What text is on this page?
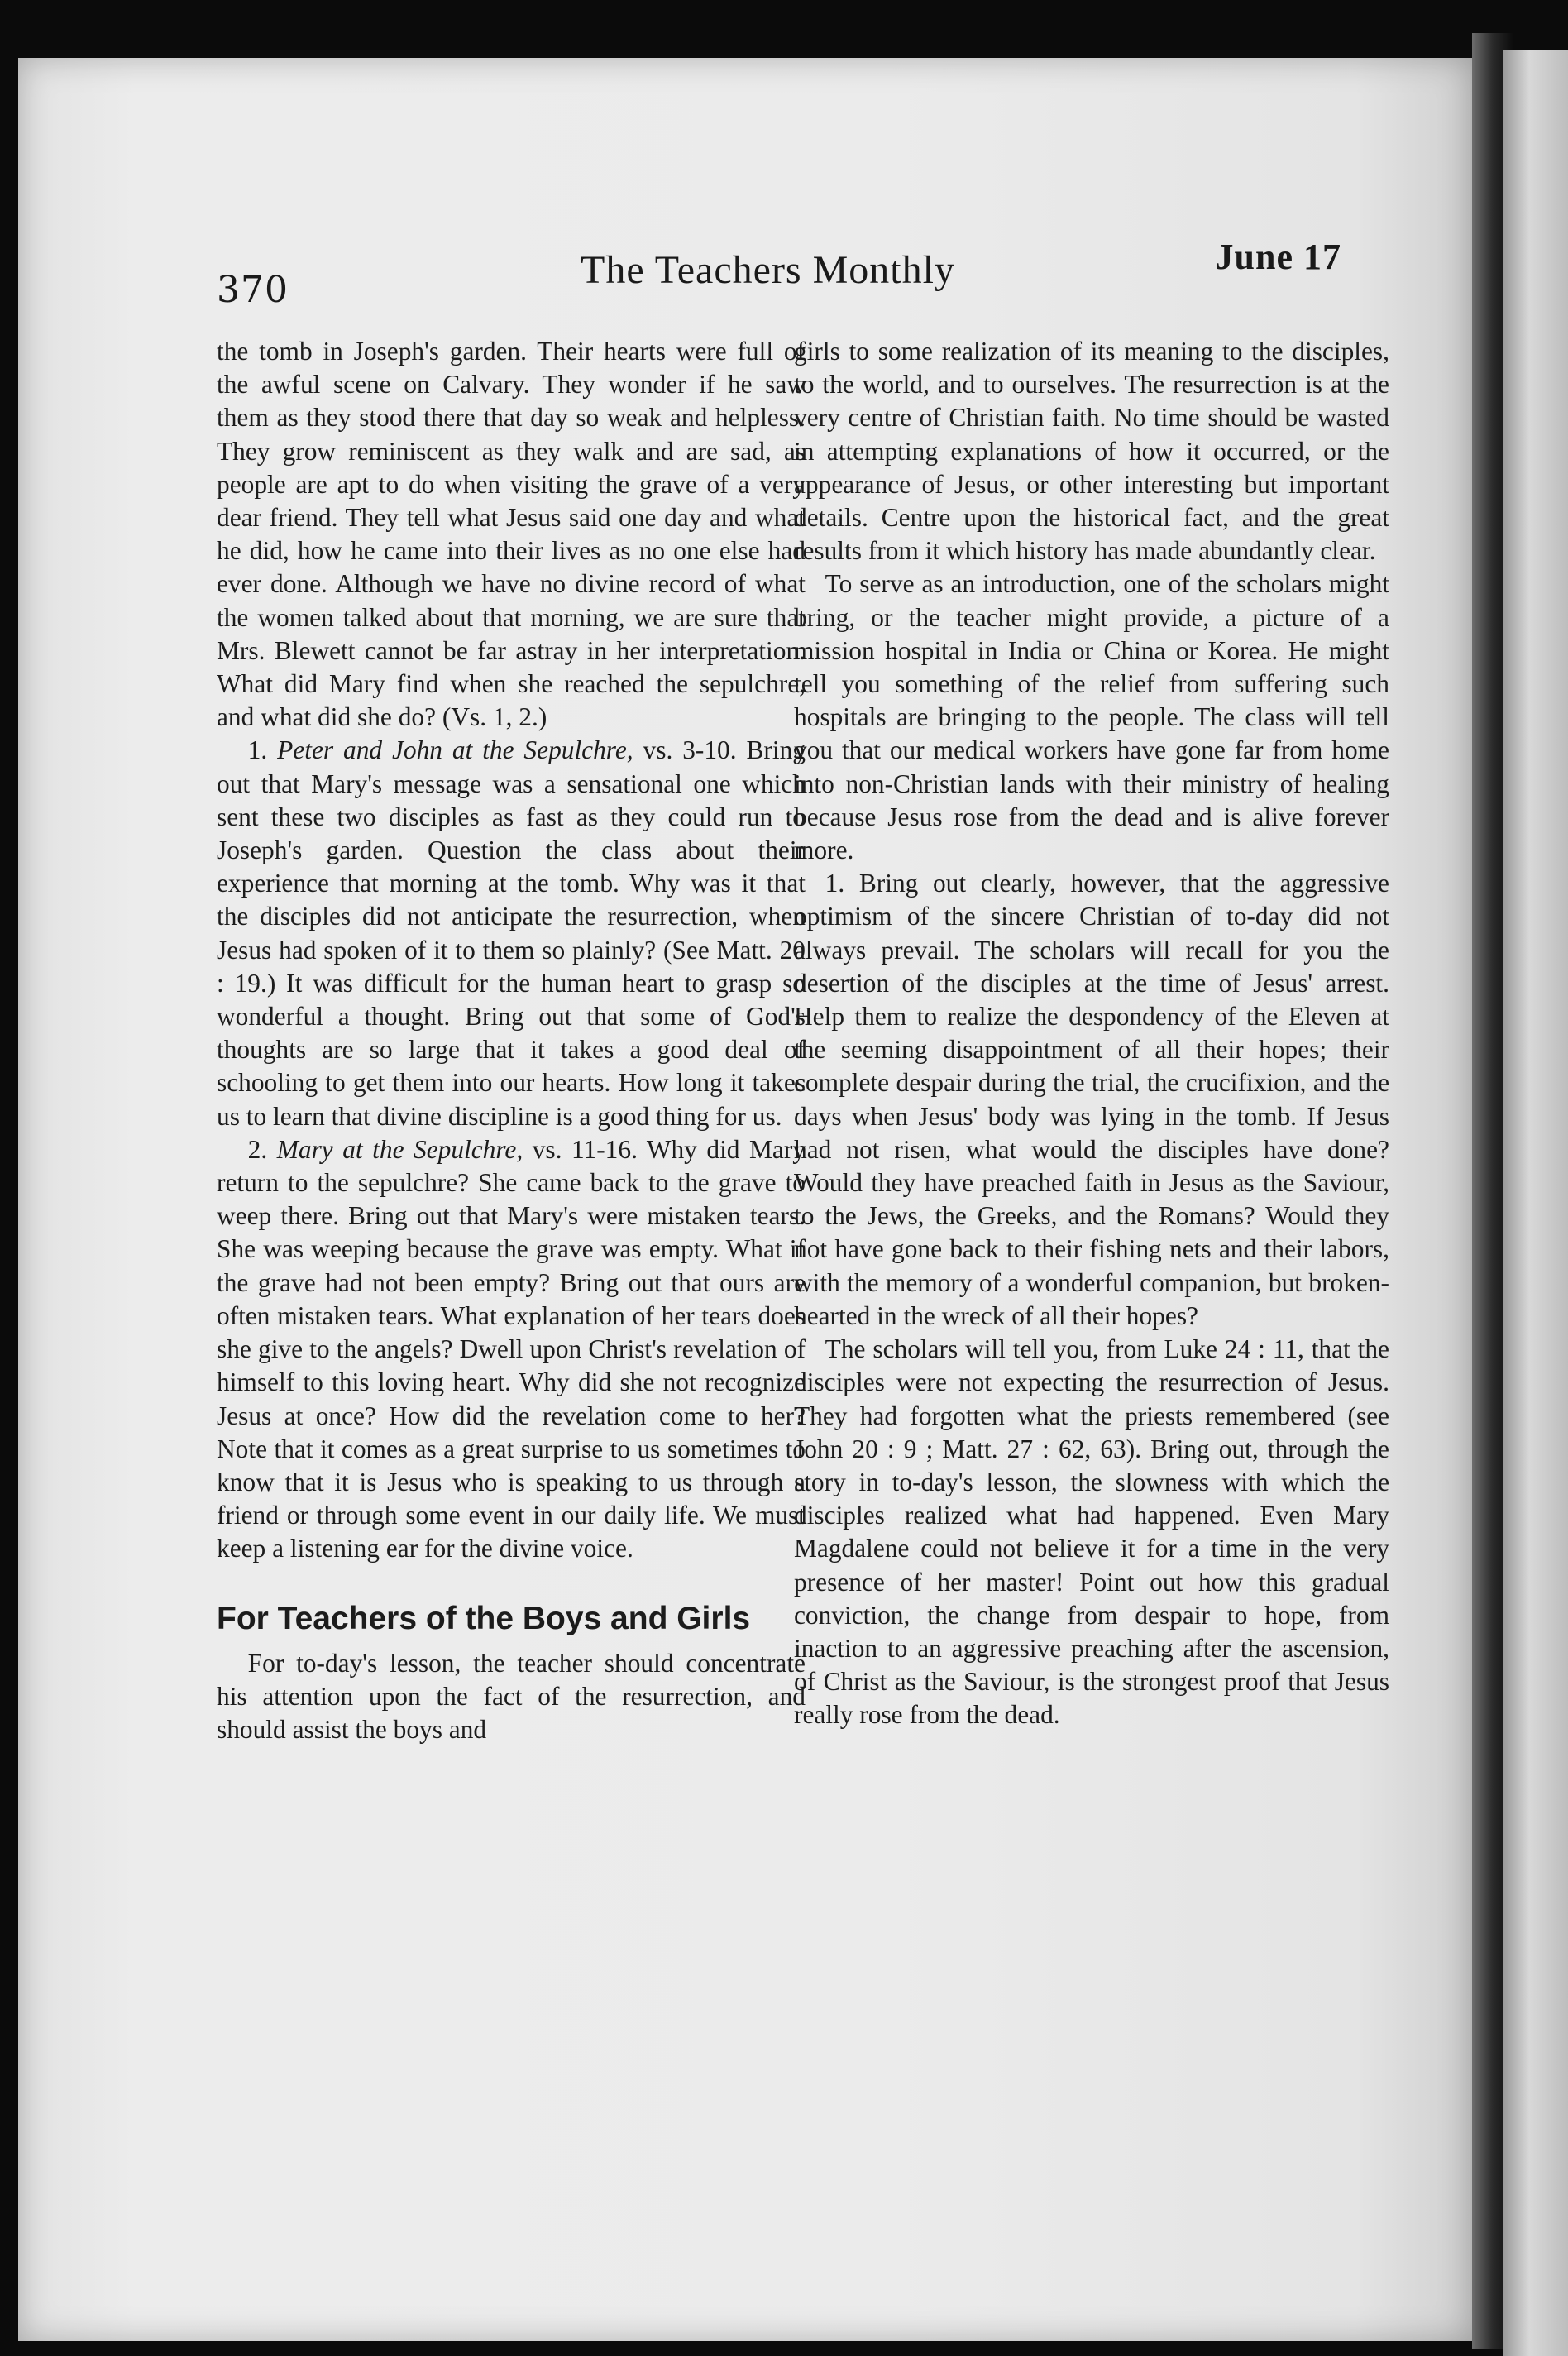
370	The Teachers Monthly	June 17

the tomb in Joseph's garden. Their hearts were full of the awful scene on Calvary. They wonder if he saw them as they stood there that day so weak and helpless. They grow reminiscent as they walk and are sad, as people are apt to do when visiting the grave of a very dear friend. They tell what Jesus said one day and what he did, how he came into their lives as no one else had ever done. Although we have no divine record of what the women talked about that morning, we are sure that Mrs. Blewett cannot be far astray in her interpretation. What did Mary find when she reached the sepulchre, and what did she do? (Vs. 1, 2.)

1. Peter and John at the Sepulchre, vs. 3-10. Bring out that Mary's message was a sensational one which sent these two disciples as fast as they could run to Joseph's garden. Question the class about their experience that morning at the tomb. Why was it that the disciples did not anticipate the resurrection, when Jesus had spoken of it to them so plainly? (See Matt. 20 : 19.) It was difficult for the human heart to grasp so wonderful a thought. Bring out that some of God's thoughts are so large that it takes a good deal of schooling to get them into our hearts. How long it takes us to learn that divine discipline is a good thing for us.

2. Mary at the Sepulchre, vs. 11-16. Why did Mary return to the sepulchre? She came back to the grave to weep there. Bring out that Mary's were mistaken tears. She was weeping because the grave was empty. What if the grave had not been empty? Bring out that ours are often mistaken tears. What explanation of her tears does she give to the angels? Dwell upon Christ's revelation of himself to this loving heart. Why did she not recognize Jesus at once? How did the revelation come to her? Note that it comes as a great surprise to us sometimes to know that it is Jesus who is speaking to us through a friend or through some event in our daily life. We must keep a listening ear for the divine voice.

For Teachers of the Boys and Girls

For to-day's lesson, the teacher should concentrate his attention upon the fact of the resurrection, and should assist the boys and

girls to some realization of its meaning to the disciples, to the world, and to ourselves. The resurrection is at the very centre of Christian faith. No time should be wasted in attempting explanations of how it occurred, or the appearance of Jesus, or other interesting but important details. Centre upon the historical fact, and the great results from it which history has made abundantly clear.

To serve as an introduction, one of the scholars might bring, or the teacher might provide, a picture of a mission hospital in India or China or Korea. He might tell you something of the relief from suffering such hospitals are bringing to the people. The class will tell you that our medical workers have gone far from home into non-Christian lands with their ministry of healing because Jesus rose from the dead and is alive forever more.

1. Bring out clearly, however, that the aggressive optimism of the sincere Christian of to-day did not always prevail. The scholars will recall for you the desertion of the disciples at the time of Jesus' arrest. Help them to realize the despondency of the Eleven at the seeming disappointment of all their hopes; their complete despair during the trial, the crucifixion, and the days when Jesus' body was lying in the tomb. If Jesus had not risen, what would the disciples have done? Would they have preached faith in Jesus as the Saviour, to the Jews, the Greeks, and the Romans? Would they not have gone back to their fishing nets and their labors, with the memory of a wonderful companion, but broken-hearted in the wreck of all their hopes?

The scholars will tell you, from Luke 24 : 11, that the disciples were not expecting the resurrection of Jesus. They had forgotten what the priests remembered (see John 20 : 9 ; Matt. 27 : 62, 63). Bring out, through the story in to-day's lesson, the slowness with which the disciples realized what had happened. Even Mary Magdalene could not believe it for a time in the very presence of her master! Point out how this gradual conviction, the change from despair to hope, from inaction to an aggressive preaching after the ascension, of Christ as the Saviour, is the strongest proof that Jesus really rose from the dead.
